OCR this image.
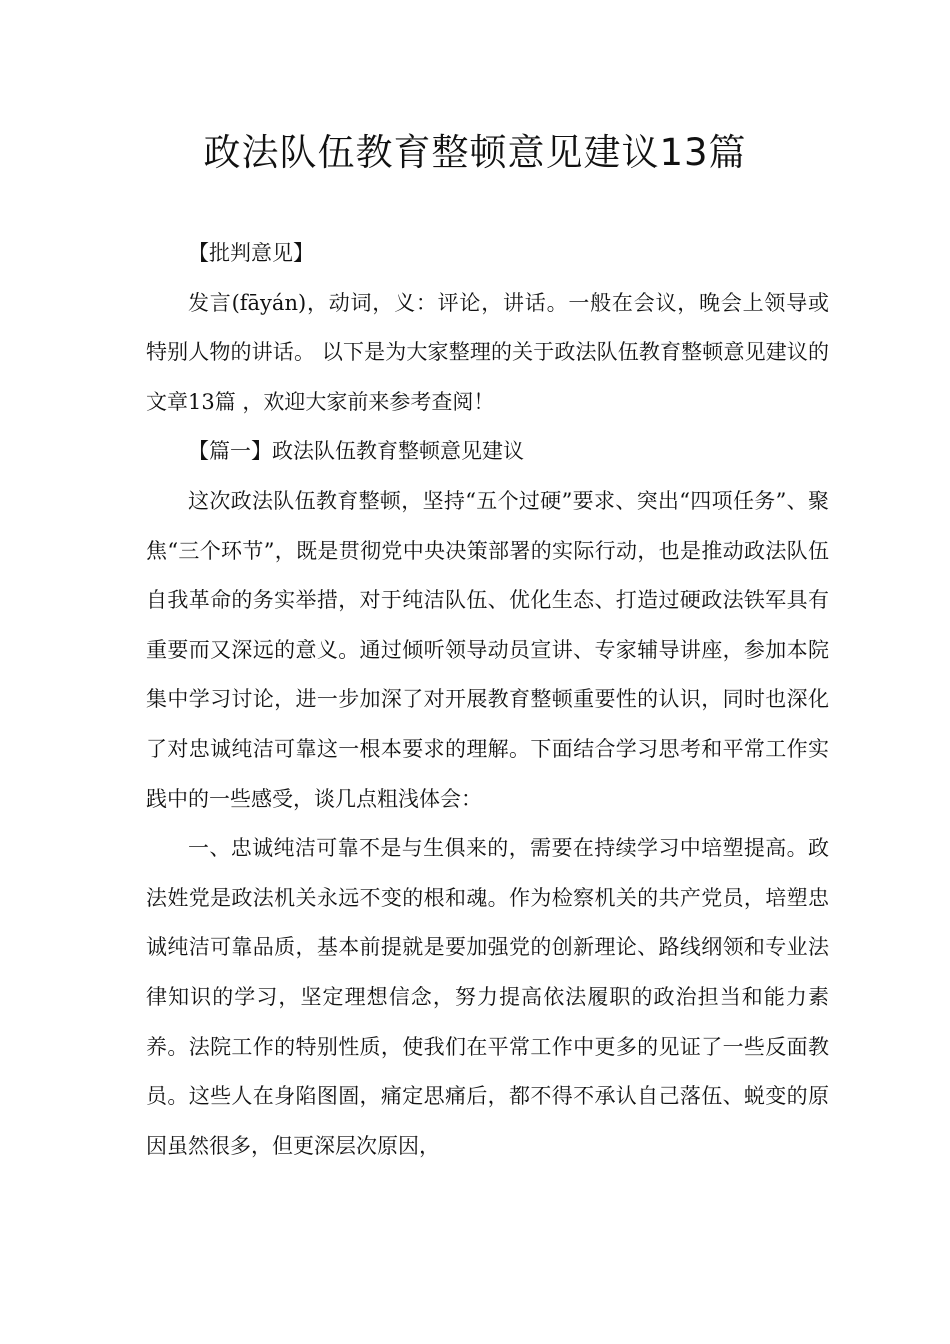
政法队伍教育整顿意见建议13篇

【批判意见】

发言(fāyán)，动词，义：评论，讲话。一般在会议，晚会上领导或特别人物的讲话。 以下是为大家整理的关于政法队伍教育整顿意见建议的文章13篇 ，欢迎大家前来参考查阅！

【篇一】政法队伍教育整顿意见建议

这次政法队伍教育整顿，坚持“五个过硬”要求、突出“四项任务”、聚焦“三个环节”，既是贯彻党中央决策部署的实际行动，也是推动政法队伍自我革命的务实举措，对于纯洁队伍、优化生态、打造过硬政法铁军具有重要而又深远的意义。通过倾听领导动员宣讲、专家辅导讲座，参加本院集中学习讨论，进一步加深了对开展教育整顿重要性的认识，同时也深化了对忠诚纯洁可靠这一根本要求的理解。下面结合学习思考和平常工作实践中的一些感受，谈几点粗浅体会：

一、忠诚纯洁可靠不是与生俱来的，需要在持续学习中培塑提高。政法姓党是政法机关永远不变的根和魂。作为检察机关的共产党员，培塑忠诚纯洁可靠品质，基本前提就是要加强党的创新理论、路线纲领和专业法律知识的学习，坚定理想信念，努力提高依法履职的政治担当和能力素养。法院工作的特别性质，使我们在平常工作中更多的见证了一些反面教员。这些人在身陷图圄，痛定思痛后，都不得不承认自己落伍、蜕变的原因虽然很多，但更深层次原因，
